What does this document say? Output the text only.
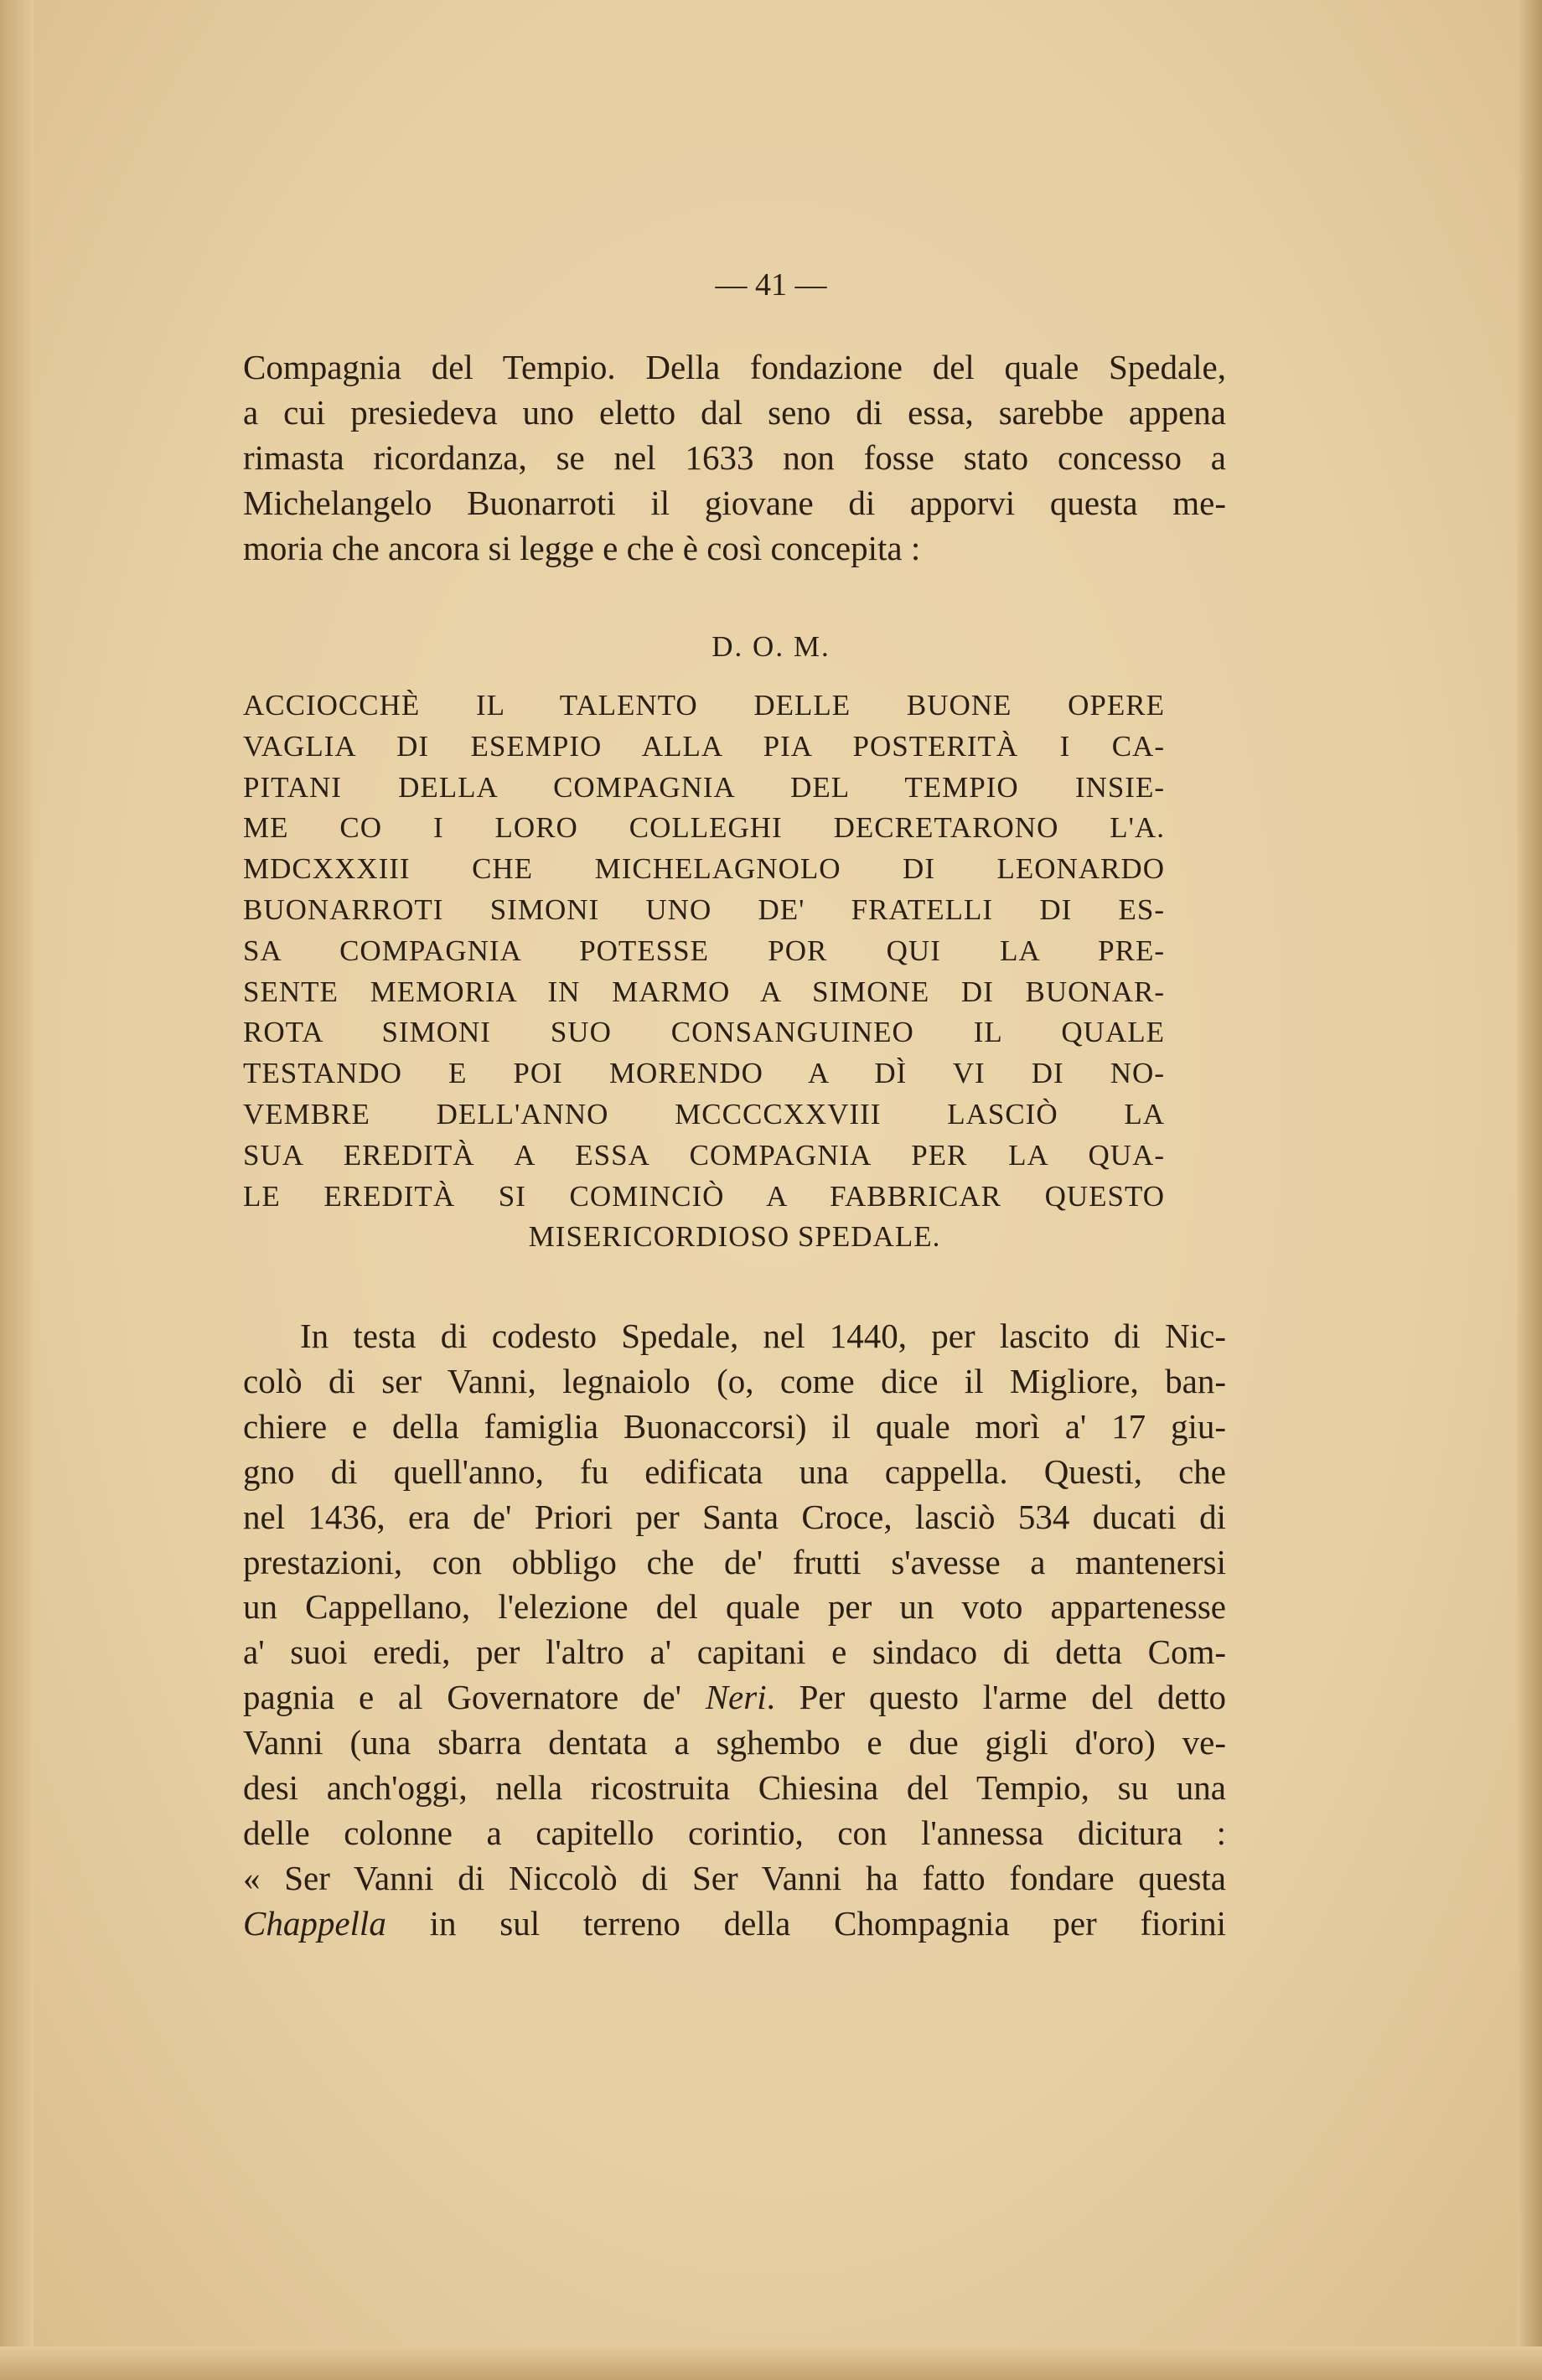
— 41 —
Compagnia del Tempio. Della fondazione del quale Spedale,
a cui presiedeva uno eletto dal seno di essa, sarebbe appena
rimasta ricordanza, se nel 1633 non fosse stato concesso a
Michelangelo Buonarroti il giovane di apporvi questa me-
moria che ancora si legge e che è così concepita :
D. O. M.
ACCIOCCHÈ IL TALENTO DELLE BUONE OPERE
VAGLIA DI ESEMPIO ALLA PIA POSTERITÀ I CA-
PITANI DELLA COMPAGNIA DEL TEMPIO INSIE-
ME CO I LORO COLLEGHI DECRETARONO L'A.
MDCXXXIII CHE MICHELAGNOLO DI LEONARDO
BUONARROTI SIMONI UNO DE' FRATELLI DI ES-
SA COMPAGNIA POTESSE POR QUI LA PRE-
SENTE MEMORIA IN MARMO A SIMONE DI BUONAR-
ROTA SIMONI SUO CONSANGUINEO IL QUALE
TESTANDO E POI MORENDO A DÌ VI DI NO-
VEMBRE DELL'ANNO MCCCCXXVIII LASCIÒ LA
SUA EREDITÀ A ESSA COMPAGNIA PER LA QUA-
LE EREDITÀ SI COMINCIÒ A FABBRICAR QUESTO
MISERICORDIOSO SPEDALE.
In testa di codesto Spedale, nel 1440, per lascito di Nic-
colò di ser Vanni, legnaiolo (o, come dice il Migliore, ban-
chiere e della famiglia Buonaccorsi) il quale morì a' 17 giu-
gno di quell'anno, fu edificata una cappella. Questi, che
nel 1436, era de' Priori per Santa Croce, lasciò 534 ducati di
prestazioni, con obbligo che de' frutti s'avesse a mantenersi
un Cappellano, l'elezione del quale per un voto appartenesse
a' suoi eredi, per l'altro a' capitani e sindaco di detta Com-
pagnia e al Governatore de' Neri. Per questo l'arme del detto
Vanni (una sbarra dentata a sghembo e due gigli d'oro) ve-
desi anch'oggi, nella ricostruita Chiesina del Tempio, su una
delle colonne a capitello corintio, con l'annessa dicitura :
« Ser Vanni di Niccolò di Ser Vanni ha fatto fondare questa
Chappella in sul terreno della Chompagnia per fiorini
